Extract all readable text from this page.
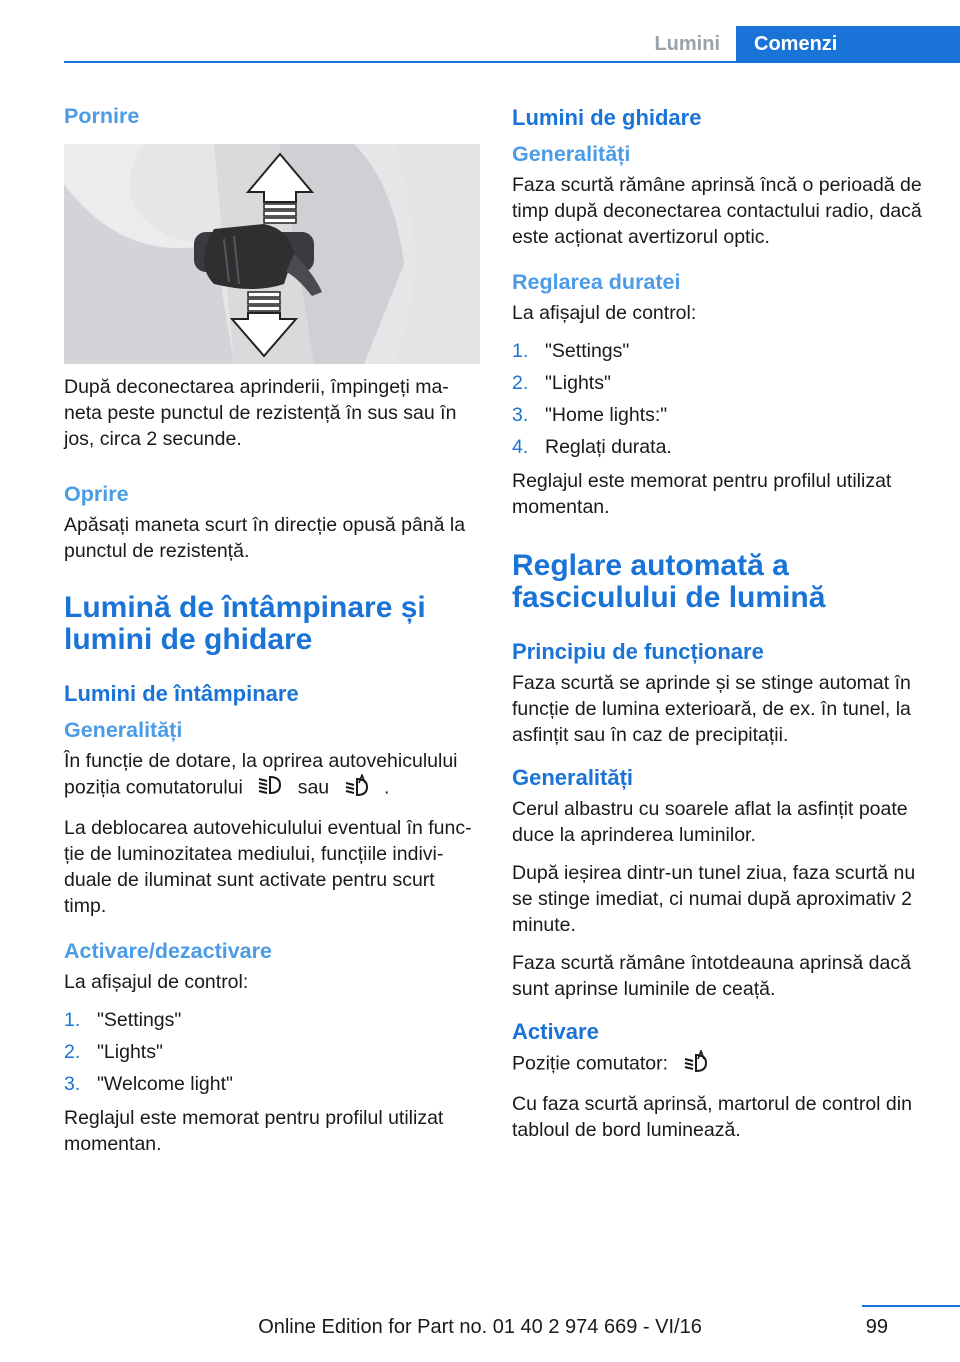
Lumini	Comenzi
Pornire

După deconectarea aprinderii, împingeți ma-neta peste punctul de rezistență în sus sau în jos, circa 2 secunde.

Oprire

Apăsați maneta scurt în direcție opusă până la punctul de rezistență.

Lumină de întâmpinare și lumini de ghidare
Lumini de întâmpinare
Generalități

În funcție de dotare, la oprirea autovehiculului poziția comutatorului	sau	.

La deblocarea autovehiculului eventual în func-ție de luminozitatea mediului, funcțiile indivi-duale de iluminat sunt activate pentru scurt timp.

Activare/dezactivare

La afișajul de control:

1. "Settings"
2. "Lights"
3. "Welcome light"

Reglajul este memorat pentru profilul utilizat momentan.

Lumini de ghidare
Generalități

Faza scurtă rămâne aprinsă încă o perioadă de timp după deconectarea contactului radio, dacă este acționat avertizorul optic.

Reglarea duratei

La afișajul de control:

1. "Settings"
2. "Lights"
3. "Home lights:"
4. Reglați durata.

Reglajul este memorat pentru profilul utilizat momentan.

Reglare automată a fasciculului de lumină
Principiu de funcționare

Faza scurtă se aprinde și se stinge automat în funcție de lumina exterioară, de ex. în tunel, la asfințit sau în caz de precipitații.

Generalități

Cerul albastru cu soarele aflat la asfințit poate duce la aprinderea luminilor.

După ieșirea dintr-un tunel ziua, faza scurtă nu se stinge imediat, ci numai după aproximativ 2 minute.

Faza scurtă rămâne întotdeauna aprinsă dacă sunt aprinse luminile de ceață.

Activare

Poziție comutator:

Cu faza scurtă aprinsă, martorul de control din tabloul de bord luminează.

99
Online Edition for Part no. 01 40 2 974 669 - VI/16
